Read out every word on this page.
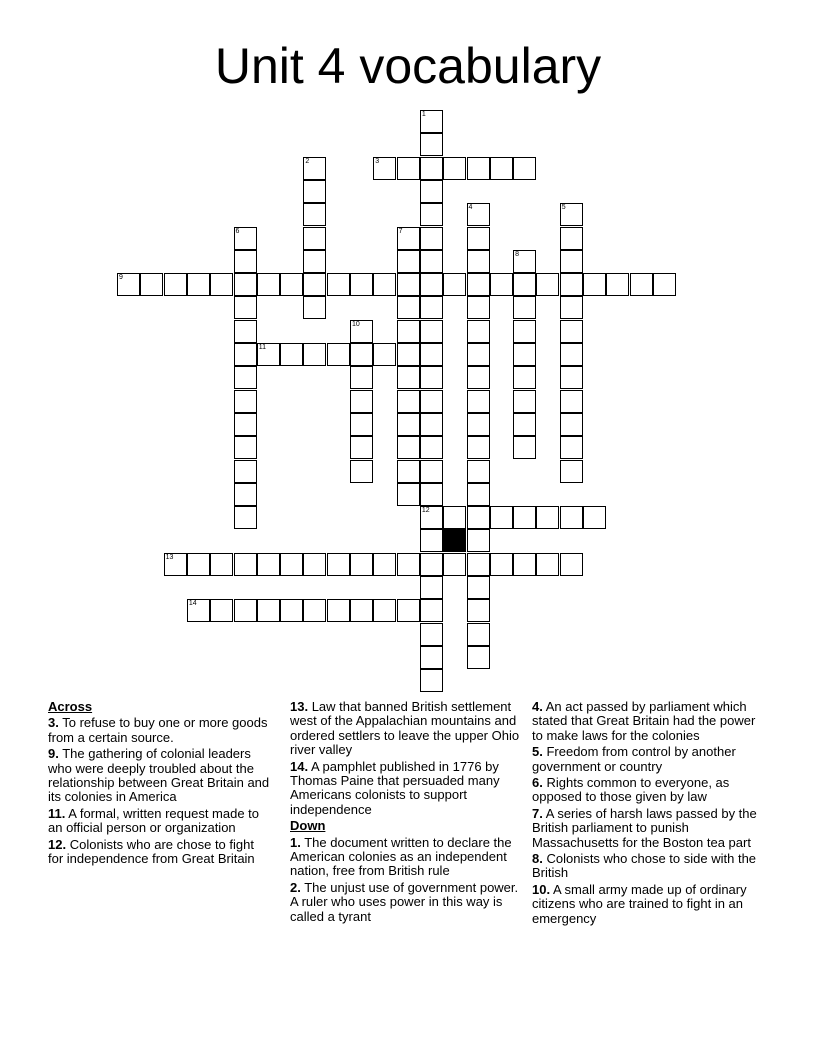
Unit 4 vocabulary
1
12
2	3
4	5
6	7
8
9
10
11
13
14
Across

3. To refuse to buy one or more goods from a certain source.

9. The gathering of colonial leaders who were deeply troubled about the relationship between Great Britain and its colonies in America

11. A formal, written request made to an official person or organization

12. Colonists who are chose to fight for independence from Great Britain

13. Law that banned British settlement west of the Appalachian mountains and ordered settlers to leave the upper Ohio river valley

14. A pamphlet published in 1776 by Thomas Paine that persuaded many Americans colonists to support independence

Down

1. The document written to declare the American colonies as an independent nation, free from British rule

2. The unjust use of government power. A ruler who uses power in this way is called a tyrant

4. An act passed by parliament which stated that Great Britain had the power to make laws for the colonies

5. Freedom from control by another government or country

6. Rights common to everyone, as opposed to those given by law

7. A series of harsh laws passed by the British parliament to punish Massachusetts for the Boston tea part

8. Colonists who chose to side with the British

10. A small army made up of ordinary citizens who are trained to fight in an emergency
